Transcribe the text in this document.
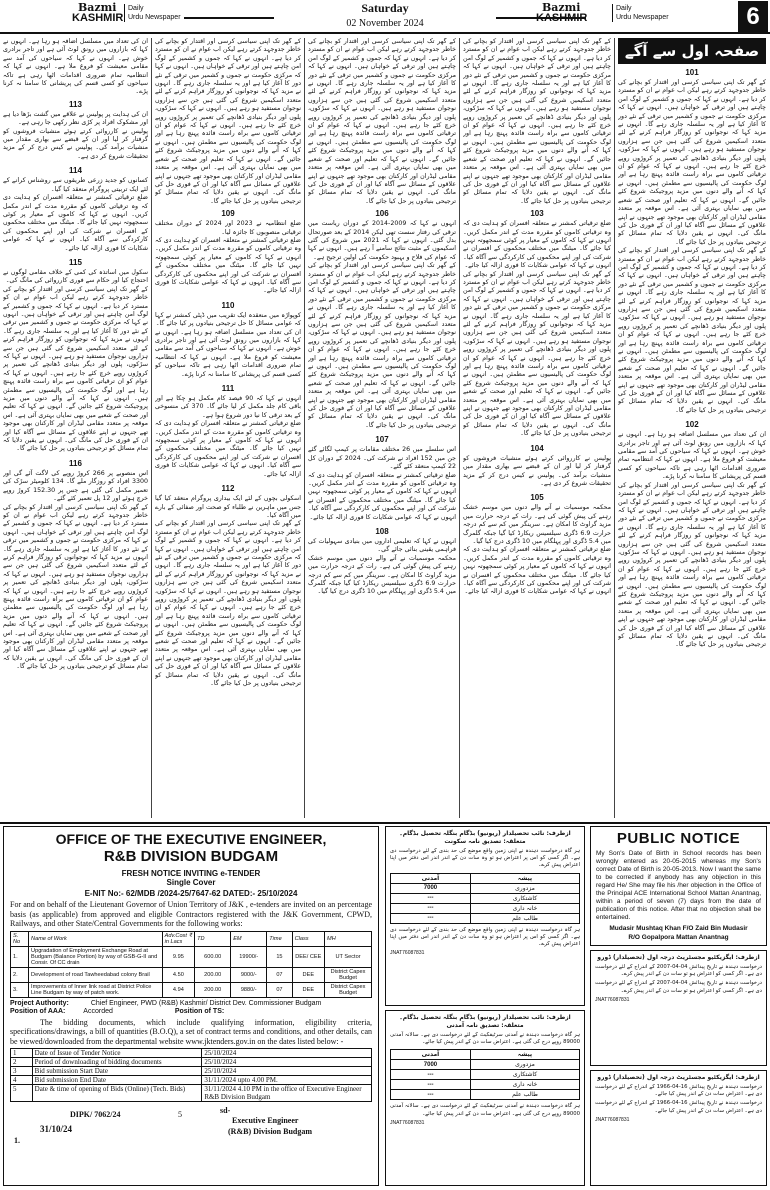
Bazmi
KASHMIR
Daily
Urdu Newspaper
Saturday
02 November 2024
Bazmi
KASHMIR
Daily
Urdu Newspaper	6
صفحہ اول سے آگے
101
کے گھر تک اپنی سیاسی کرسی اور اقتدار کو بچانے کی خاطر جدوجہد کرتے رہے لیکن اب عوام نے ان کو مسترد کر دیا ہے۔ انہوں نے کہا کہ جموں و کشمیر کے لوگ امن چاہتے ہیں اور ترقی کے خواہاں ہیں۔ انہوں نے کہا کہ مرکزی حکومت نے جموں و کشمیر میں ترقی کے نئے دور کا آغاز کیا ہے اور یہ سلسلہ جاری رہے گا۔ انہوں نے مزید کہا کہ نوجوانوں کو روزگار فراہم کرنے کے لئے متعدد اسکیمیں شروع کی گئی ہیں جن سے ہزاروں نوجوان مستفید ہو رہے ہیں۔ انہوں نے کہا کہ سڑکوں، پلوں اور دیگر بنیادی ڈھانچے کی تعمیر پر کروڑوں روپے خرچ کئے جا رہے ہیں۔ انہوں نے کہا کہ عوام کو ان ترقیاتی کاموں سے براہ راست فائدہ پہنچ رہا ہے اور لوگ حکومت کی پالیسیوں سے مطمئن ہیں۔ انہوں نے کہا کہ آنے والے دنوں میں مزید پروجیکٹ شروع کئے جائیں گے۔ انہوں نے کہا کہ تعلیم اور صحت کے شعبے میں بھی نمایاں بہتری آئی ہے۔ اس موقعہ پر متعدد مقامی لیڈران اور کارکنان بھی موجود تھے جنہوں نے اپنے علاقوں کے مسائل سے آگاہ کیا اور ان کے فوری حل کی مانگ کی۔ انہوں نے یقین دلایا کہ تمام مسائل کو ترجیحی بنیادوں پر حل کیا جائے گا۔
کے گھر تک اپنی سیاسی کرسی اور اقتدار کو بچانے کی خاطر جدوجہد کرتے رہے لیکن اب عوام نے ان کو مسترد کر دیا ہے۔ انہوں نے کہا کہ جموں و کشمیر کے لوگ امن چاہتے ہیں اور ترقی کے خواہاں ہیں۔ انہوں نے کہا کہ مرکزی حکومت نے جموں و کشمیر میں ترقی کے نئے دور کا آغاز کیا ہے اور یہ سلسلہ جاری رہے گا۔ انہوں نے مزید کہا کہ نوجوانوں کو روزگار فراہم کرنے کے لئے متعدد اسکیمیں شروع کی گئی ہیں جن سے ہزاروں نوجوان مستفید ہو رہے ہیں۔ انہوں نے کہا کہ سڑکوں، پلوں اور دیگر بنیادی ڈھانچے کی تعمیر پر کروڑوں روپے خرچ کئے جا رہے ہیں۔ انہوں نے کہا کہ عوام کو ان ترقیاتی کاموں سے براہ راست فائدہ پہنچ رہا ہے اور لوگ حکومت کی پالیسیوں سے مطمئن ہیں۔ انہوں نے کہا کہ آنے والے دنوں میں مزید پروجیکٹ شروع کئے جائیں گے۔ انہوں نے کہا کہ تعلیم اور صحت کے شعبے میں بھی نمایاں بہتری آئی ہے۔ اس موقعہ پر متعدد مقامی لیڈران اور کارکنان بھی موجود تھے جنہوں نے اپنے علاقوں کے مسائل سے آگاہ کیا اور ان کے فوری حل کی مانگ کی۔ انہوں نے یقین دلایا کہ تمام مسائل کو ترجیحی بنیادوں پر حل کیا جائے گا۔
102
ان کی تعداد میں مسلسل اضافہ ہو رہا ہے۔ انہوں نے کہا کہ بازاروں میں رونق لوٹ آئی ہے اور تاجر برادری خوش ہے۔ انہوں نے کہا کہ سیاحوں کی آمد سے مقامی معیشت کو فروغ ملا ہے۔ انہوں نے کہا کہ انتظامیہ تمام ضروری اقدامات اٹھا رہی ہے تاکہ سیاحوں کو کسی قسم کی پریشانی کا سامنا نہ کرنا پڑے۔
کے گھر تک اپنی سیاسی کرسی اور اقتدار کو بچانے کی خاطر جدوجہد کرتے رہے لیکن اب عوام نے ان کو مسترد کر دیا ہے۔ انہوں نے کہا کہ جموں و کشمیر کے لوگ امن چاہتے ہیں اور ترقی کے خواہاں ہیں۔ انہوں نے کہا کہ مرکزی حکومت نے جموں و کشمیر میں ترقی کے نئے دور کا آغاز کیا ہے اور یہ سلسلہ جاری رہے گا۔ انہوں نے مزید کہا کہ نوجوانوں کو روزگار فراہم کرنے کے لئے متعدد اسکیمیں شروع کی گئی ہیں جن سے ہزاروں نوجوان مستفید ہو رہے ہیں۔ انہوں نے کہا کہ سڑکوں، پلوں اور دیگر بنیادی ڈھانچے کی تعمیر پر کروڑوں روپے خرچ کئے جا رہے ہیں۔ انہوں نے کہا کہ عوام کو ان ترقیاتی کاموں سے براہ راست فائدہ پہنچ رہا ہے اور لوگ حکومت کی پالیسیوں سے مطمئن ہیں۔ انہوں نے کہا کہ آنے والے دنوں میں مزید پروجیکٹ شروع کئے جائیں گے۔ انہوں نے کہا کہ تعلیم اور صحت کے شعبے میں بھی نمایاں بہتری آئی ہے۔ اس موقعہ پر متعدد مقامی لیڈران اور کارکنان بھی موجود تھے جنہوں نے اپنے علاقوں کے مسائل سے آگاہ کیا اور ان کے فوری حل کی مانگ کی۔ انہوں نے یقین دلایا کہ تمام مسائل کو ترجیحی بنیادوں پر حل کیا جائے گا۔
کے گھر تک اپنی سیاسی کرسی اور اقتدار کو بچانے کی خاطر جدوجہد کرتے رہے لیکن اب عوام نے ان کو مسترد کر دیا ہے۔ انہوں نے کہا کہ جموں و کشمیر کے لوگ امن چاہتے ہیں اور ترقی کے خواہاں ہیں۔ انہوں نے کہا کہ مرکزی حکومت نے جموں و کشمیر میں ترقی کے نئے دور کا آغاز کیا ہے اور یہ سلسلہ جاری رہے گا۔ انہوں نے مزید کہا کہ نوجوانوں کو روزگار فراہم کرنے کے لئے متعدد اسکیمیں شروع کی گئی ہیں جن سے ہزاروں نوجوان مستفید ہو رہے ہیں۔ انہوں نے کہا کہ سڑکوں، پلوں اور دیگر بنیادی ڈھانچے کی تعمیر پر کروڑوں روپے خرچ کئے جا رہے ہیں۔ انہوں نے کہا کہ عوام کو ان ترقیاتی کاموں سے براہ راست فائدہ پہنچ رہا ہے اور لوگ حکومت کی پالیسیوں سے مطمئن ہیں۔ انہوں نے کہا کہ آنے والے دنوں میں مزید پروجیکٹ شروع کئے جائیں گے۔ انہوں نے کہا کہ تعلیم اور صحت کے شعبے میں بھی نمایاں بہتری آئی ہے۔ اس موقعہ پر متعدد مقامی لیڈران اور کارکنان بھی موجود تھے جنہوں نے اپنے علاقوں کے مسائل سے آگاہ کیا اور ان کے فوری حل کی مانگ کی۔ انہوں نے یقین دلایا کہ تمام مسائل کو ترجیحی بنیادوں پر حل کیا جائے گا۔
103
ضلع ترقیاتی کمشنر نے متعلقہ افسران کو ہدایت دی کہ وہ ترقیاتی کاموں کو مقررہ مدت کے اندر مکمل کریں۔ انہوں نے کہا کہ کاموں کے معیار پر کوئی سمجھوتہ نہیں کیا جائے گا۔ میٹنگ میں مختلف محکموں کے افسران نے شرکت کی اور اپنے محکموں کی کارکردگی سے آگاہ کیا۔ انہوں نے کہا کہ عوامی شکایات کا فوری ازالہ کیا جائے۔
کے گھر تک اپنی سیاسی کرسی اور اقتدار کو بچانے کی خاطر جدوجہد کرتے رہے لیکن اب عوام نے ان کو مسترد کر دیا ہے۔ انہوں نے کہا کہ جموں و کشمیر کے لوگ امن چاہتے ہیں اور ترقی کے خواہاں ہیں۔ انہوں نے کہا کہ مرکزی حکومت نے جموں و کشمیر میں ترقی کے نئے دور کا آغاز کیا ہے اور یہ سلسلہ جاری رہے گا۔ انہوں نے مزید کہا کہ نوجوانوں کو روزگار فراہم کرنے کے لئے متعدد اسکیمیں شروع کی گئی ہیں جن سے ہزاروں نوجوان مستفید ہو رہے ہیں۔ انہوں نے کہا کہ سڑکوں، پلوں اور دیگر بنیادی ڈھانچے کی تعمیر پر کروڑوں روپے خرچ کئے جا رہے ہیں۔ انہوں نے کہا کہ عوام کو ان ترقیاتی کاموں سے براہ راست فائدہ پہنچ رہا ہے اور لوگ حکومت کی پالیسیوں سے مطمئن ہیں۔ انہوں نے کہا کہ آنے والے دنوں میں مزید پروجیکٹ شروع کئے جائیں گے۔ انہوں نے کہا کہ تعلیم اور صحت کے شعبے میں بھی نمایاں بہتری آئی ہے۔ اس موقعہ پر متعدد مقامی لیڈران اور کارکنان بھی موجود تھے جنہوں نے اپنے علاقوں کے مسائل سے آگاہ کیا اور ان کے فوری حل کی مانگ کی۔ انہوں نے یقین دلایا کہ تمام مسائل کو ترجیحی بنیادوں پر حل کیا جائے گا۔
104
پولیس نے کارروائی کرتے ہوئے منشیات فروشوں کو گرفتار کر لیا اور ان کے قبضے سے بھاری مقدار میں منشیات برآمد کی۔ پولیس نے کیس درج کر کے مزید تحقیقات شروع کر دی ہے۔
105
محکمہ موسمیات نے آنے والے دنوں میں موسم خشک رہنے کی پیش گوئی کی ہے۔ رات کے درجہ حرارت میں مزید گراوٹ کا امکان ہے۔ سرینگر میں کم سے کم درجہ حرارت 6.9 ڈگری سیلسیس ریکارڈ کیا گیا جبکہ گلمرگ میں 5.4 ڈگری اور پہلگام میں 10 ڈگری درج کیا گیا۔
ضلع ترقیاتی کمشنر نے متعلقہ افسران کو ہدایت دی کہ وہ ترقیاتی کاموں کو مقررہ مدت کے اندر مکمل کریں۔ انہوں نے کہا کہ کاموں کے معیار پر کوئی سمجھوتہ نہیں کیا جائے گا۔ میٹنگ میں مختلف محکموں کے افسران نے شرکت کی اور اپنے محکموں کی کارکردگی سے آگاہ کیا۔ انہوں نے کہا کہ عوامی شکایات کا فوری ازالہ کیا جائے۔
کے گھر تک اپنی سیاسی کرسی اور اقتدار کو بچانے کی خاطر جدوجہد کرتے رہے لیکن اب عوام نے ان کو مسترد کر دیا ہے۔ انہوں نے کہا کہ جموں و کشمیر کے لوگ امن چاہتے ہیں اور ترقی کے خواہاں ہیں۔ انہوں نے کہا کہ مرکزی حکومت نے جموں و کشمیر میں ترقی کے نئے دور کا آغاز کیا ہے اور یہ سلسلہ جاری رہے گا۔ انہوں نے مزید کہا کہ نوجوانوں کو روزگار فراہم کرنے کے لئے متعدد اسکیمیں شروع کی گئی ہیں جن سے ہزاروں نوجوان مستفید ہو رہے ہیں۔ انہوں نے کہا کہ سڑکوں، پلوں اور دیگر بنیادی ڈھانچے کی تعمیر پر کروڑوں روپے خرچ کئے جا رہے ہیں۔ انہوں نے کہا کہ عوام کو ان ترقیاتی کاموں سے براہ راست فائدہ پہنچ رہا ہے اور لوگ حکومت کی پالیسیوں سے مطمئن ہیں۔ انہوں نے کہا کہ آنے والے دنوں میں مزید پروجیکٹ شروع کئے جائیں گے۔ انہوں نے کہا کہ تعلیم اور صحت کے شعبے میں بھی نمایاں بہتری آئی ہے۔ اس موقعہ پر متعدد مقامی لیڈران اور کارکنان بھی موجود تھے جنہوں نے اپنے علاقوں کے مسائل سے آگاہ کیا اور ان کے فوری حل کی مانگ کی۔ انہوں نے یقین دلایا کہ تمام مسائل کو ترجیحی بنیادوں پر حل کیا جائے گا۔
106
انہوں نے کہا کہ 2009-2014 کے دوران ریاست میں ترقی کی رفتار سست تھی لیکن 2014 کے بعد صورتحال بدل گئی۔ انہوں نے کہا کہ 2021 میں شروع کی گئی اسکیموں کے مثبت نتائج سامنے آ رہے ہیں۔ انہوں نے کہا کہ عوام کی فلاح و بہبود حکومت کی اولین ترجیح ہے۔
کے گھر تک اپنی سیاسی کرسی اور اقتدار کو بچانے کی خاطر جدوجہد کرتے رہے لیکن اب عوام نے ان کو مسترد کر دیا ہے۔ انہوں نے کہا کہ جموں و کشمیر کے لوگ امن چاہتے ہیں اور ترقی کے خواہاں ہیں۔ انہوں نے کہا کہ مرکزی حکومت نے جموں و کشمیر میں ترقی کے نئے دور کا آغاز کیا ہے اور یہ سلسلہ جاری رہے گا۔ انہوں نے مزید کہا کہ نوجوانوں کو روزگار فراہم کرنے کے لئے متعدد اسکیمیں شروع کی گئی ہیں جن سے ہزاروں نوجوان مستفید ہو رہے ہیں۔ انہوں نے کہا کہ سڑکوں، پلوں اور دیگر بنیادی ڈھانچے کی تعمیر پر کروڑوں روپے خرچ کئے جا رہے ہیں۔ انہوں نے کہا کہ عوام کو ان ترقیاتی کاموں سے براہ راست فائدہ پہنچ رہا ہے اور لوگ حکومت کی پالیسیوں سے مطمئن ہیں۔ انہوں نے کہا کہ آنے والے دنوں میں مزید پروجیکٹ شروع کئے جائیں گے۔ انہوں نے کہا کہ تعلیم اور صحت کے شعبے میں بھی نمایاں بہتری آئی ہے۔ اس موقعہ پر متعدد مقامی لیڈران اور کارکنان بھی موجود تھے جنہوں نے اپنے علاقوں کے مسائل سے آگاہ کیا اور ان کے فوری حل کی مانگ کی۔ انہوں نے یقین دلایا کہ تمام مسائل کو ترجیحی بنیادوں پر حل کیا جائے گا۔
107
اس سلسلے میں 26 مختلف مقامات پر کیمپ لگائے گئے جن میں 152 افراد نے شرکت کی۔ 2024 کے دوران کل 22 کیمپ منعقد کئے گئے۔
ضلع ترقیاتی کمشنر نے متعلقہ افسران کو ہدایت دی کہ وہ ترقیاتی کاموں کو مقررہ مدت کے اندر مکمل کریں۔ انہوں نے کہا کہ کاموں کے معیار پر کوئی سمجھوتہ نہیں کیا جائے گا۔ میٹنگ میں مختلف محکموں کے افسران نے شرکت کی اور اپنے محکموں کی کارکردگی سے آگاہ کیا۔ انہوں نے کہا کہ عوامی شکایات کا فوری ازالہ کیا جائے۔
108
انہوں نے کہا کہ تعلیمی اداروں میں بنیادی سہولیات کی فراہمی یقینی بنائی جائے گی۔
محکمہ موسمیات نے آنے والے دنوں میں موسم خشک رہنے کی پیش گوئی کی ہے۔ رات کے درجہ حرارت میں مزید گراوٹ کا امکان ہے۔ سرینگر میں کم سے کم درجہ حرارت 6.9 ڈگری سیلسیس ریکارڈ کیا گیا جبکہ گلمرگ میں 5.4 ڈگری اور پہلگام میں 10 ڈگری درج کیا گیا۔
کے گھر تک اپنی سیاسی کرسی اور اقتدار کو بچانے کی خاطر جدوجہد کرتے رہے لیکن اب عوام نے ان کو مسترد کر دیا ہے۔ انہوں نے کہا کہ جموں و کشمیر کے لوگ امن چاہتے ہیں اور ترقی کے خواہاں ہیں۔ انہوں نے کہا کہ مرکزی حکومت نے جموں و کشمیر میں ترقی کے نئے دور کا آغاز کیا ہے اور یہ سلسلہ جاری رہے گا۔ انہوں نے مزید کہا کہ نوجوانوں کو روزگار فراہم کرنے کے لئے متعدد اسکیمیں شروع کی گئی ہیں جن سے ہزاروں نوجوان مستفید ہو رہے ہیں۔ انہوں نے کہا کہ سڑکوں، پلوں اور دیگر بنیادی ڈھانچے کی تعمیر پر کروڑوں روپے خرچ کئے جا رہے ہیں۔ انہوں نے کہا کہ عوام کو ان ترقیاتی کاموں سے براہ راست فائدہ پہنچ رہا ہے اور لوگ حکومت کی پالیسیوں سے مطمئن ہیں۔ انہوں نے کہا کہ آنے والے دنوں میں مزید پروجیکٹ شروع کئے جائیں گے۔ انہوں نے کہا کہ تعلیم اور صحت کے شعبے میں بھی نمایاں بہتری آئی ہے۔ اس موقعہ پر متعدد مقامی لیڈران اور کارکنان بھی موجود تھے جنہوں نے اپنے علاقوں کے مسائل سے آگاہ کیا اور ان کے فوری حل کی مانگ کی۔ انہوں نے یقین دلایا کہ تمام مسائل کو ترجیحی بنیادوں پر حل کیا جائے گا۔
109
ضلع انتظامیہ نے 2023 اور 2024 کے دوران مختلف ترقیاتی منصوبوں کا جائزہ لیا۔
ضلع ترقیاتی کمشنر نے متعلقہ افسران کو ہدایت دی کہ وہ ترقیاتی کاموں کو مقررہ مدت کے اندر مکمل کریں۔ انہوں نے کہا کہ کاموں کے معیار پر کوئی سمجھوتہ نہیں کیا جائے گا۔ میٹنگ میں مختلف محکموں کے افسران نے شرکت کی اور اپنے محکموں کی کارکردگی سے آگاہ کیا۔ انہوں نے کہا کہ عوامی شکایات کا فوری ازالہ کیا جائے۔
110
کوپواڑہ میں منعقدہ ایک تقریب میں ڈپٹی کمشنر نے کہا کہ عوامی مسائل کا حل ترجیحی بنیادوں پر کیا جائے گا۔
ان کی تعداد میں مسلسل اضافہ ہو رہا ہے۔ انہوں نے کہا کہ بازاروں میں رونق لوٹ آئی ہے اور تاجر برادری خوش ہے۔ انہوں نے کہا کہ سیاحوں کی آمد سے مقامی معیشت کو فروغ ملا ہے۔ انہوں نے کہا کہ انتظامیہ تمام ضروری اقدامات اٹھا رہی ہے تاکہ سیاحوں کو کسی قسم کی پریشانی کا سامنا نہ کرنا پڑے۔
111
انہوں نے کہا کہ 90 فیصد کام مکمل ہو چکا ہے اور باقی کام جلد مکمل کر لیا جائے گا۔ 370 کی منسوخی کے بعد ترقی کا نیا دور شروع ہوا ہے۔
ضلع ترقیاتی کمشنر نے متعلقہ افسران کو ہدایت دی کہ وہ ترقیاتی کاموں کو مقررہ مدت کے اندر مکمل کریں۔ انہوں نے کہا کہ کاموں کے معیار پر کوئی سمجھوتہ نہیں کیا جائے گا۔ میٹنگ میں مختلف محکموں کے افسران نے شرکت کی اور اپنے محکموں کی کارکردگی سے آگاہ کیا۔ انہوں نے کہا کہ عوامی شکایات کا فوری ازالہ کیا جائے۔
112
اسکولی بچوں کے لئے ایک بیداری پروگرام منعقد کیا گیا جس میں ماہرین نے طلباء کو صحت اور صفائی کے بارے میں آگاہ کیا۔
کے گھر تک اپنی سیاسی کرسی اور اقتدار کو بچانے کی خاطر جدوجہد کرتے رہے لیکن اب عوام نے ان کو مسترد کر دیا ہے۔ انہوں نے کہا کہ جموں و کشمیر کے لوگ امن چاہتے ہیں اور ترقی کے خواہاں ہیں۔ انہوں نے کہا کہ مرکزی حکومت نے جموں و کشمیر میں ترقی کے نئے دور کا آغاز کیا ہے اور یہ سلسلہ جاری رہے گا۔ انہوں نے مزید کہا کہ نوجوانوں کو روزگار فراہم کرنے کے لئے متعدد اسکیمیں شروع کی گئی ہیں جن سے ہزاروں نوجوان مستفید ہو رہے ہیں۔ انہوں نے کہا کہ سڑکوں، پلوں اور دیگر بنیادی ڈھانچے کی تعمیر پر کروڑوں روپے خرچ کئے جا رہے ہیں۔ انہوں نے کہا کہ عوام کو ان ترقیاتی کاموں سے براہ راست فائدہ پہنچ رہا ہے اور لوگ حکومت کی پالیسیوں سے مطمئن ہیں۔ انہوں نے کہا کہ آنے والے دنوں میں مزید پروجیکٹ شروع کئے جائیں گے۔ انہوں نے کہا کہ تعلیم اور صحت کے شعبے میں بھی نمایاں بہتری آئی ہے۔ اس موقعہ پر متعدد مقامی لیڈران اور کارکنان بھی موجود تھے جنہوں نے اپنے علاقوں کے مسائل سے آگاہ کیا اور ان کے فوری حل کی مانگ کی۔ انہوں نے یقین دلایا کہ تمام مسائل کو ترجیحی بنیادوں پر حل کیا جائے گا۔
ان کی تعداد میں مسلسل اضافہ ہو رہا ہے۔ انہوں نے کہا کہ بازاروں میں رونق لوٹ آئی ہے اور تاجر برادری خوش ہے۔ انہوں نے کہا کہ سیاحوں کی آمد سے مقامی معیشت کو فروغ ملا ہے۔ انہوں نے کہا کہ انتظامیہ تمام ضروری اقدامات اٹھا رہی ہے تاکہ سیاحوں کو کسی قسم کی پریشانی کا سامنا نہ کرنا پڑے۔
113
ان کی ہدایت پر پولیس نے علاقے میں گشت بڑھا دیا ہے اور مشکوک افراد پر کڑی نظر رکھی جا رہی ہے۔
پولیس نے کارروائی کرتے ہوئے منشیات فروشوں کو گرفتار کر لیا اور ان کے قبضے سے بھاری مقدار میں منشیات برآمد کی۔ پولیس نے کیس درج کر کے مزید تحقیقات شروع کر دی ہے۔
114
کسانوں کو جدید زرعی طریقوں سے روشناس کرانے کے لئے ایک تربیتی پروگرام منعقد کیا گیا۔
ضلع ترقیاتی کمشنر نے متعلقہ افسران کو ہدایت دی کہ وہ ترقیاتی کاموں کو مقررہ مدت کے اندر مکمل کریں۔ انہوں نے کہا کہ کاموں کے معیار پر کوئی سمجھوتہ نہیں کیا جائے گا۔ میٹنگ میں مختلف محکموں کے افسران نے شرکت کی اور اپنے محکموں کی کارکردگی سے آگاہ کیا۔ انہوں نے کہا کہ عوامی شکایات کا فوری ازالہ کیا جائے۔
115
سکول میں اساتذہ کی کمی کے خلاف مقامی لوگوں نے احتجاج کیا اور حکام سے فوری کارروائی کی مانگ کی۔
کے گھر تک اپنی سیاسی کرسی اور اقتدار کو بچانے کی خاطر جدوجہد کرتے رہے لیکن اب عوام نے ان کو مسترد کر دیا ہے۔ انہوں نے کہا کہ جموں و کشمیر کے لوگ امن چاہتے ہیں اور ترقی کے خواہاں ہیں۔ انہوں نے کہا کہ مرکزی حکومت نے جموں و کشمیر میں ترقی کے نئے دور کا آغاز کیا ہے اور یہ سلسلہ جاری رہے گا۔ انہوں نے مزید کہا کہ نوجوانوں کو روزگار فراہم کرنے کے لئے متعدد اسکیمیں شروع کی گئی ہیں جن سے ہزاروں نوجوان مستفید ہو رہے ہیں۔ انہوں نے کہا کہ سڑکوں، پلوں اور دیگر بنیادی ڈھانچے کی تعمیر پر کروڑوں روپے خرچ کئے جا رہے ہیں۔ انہوں نے کہا کہ عوام کو ان ترقیاتی کاموں سے براہ راست فائدہ پہنچ رہا ہے اور لوگ حکومت کی پالیسیوں سے مطمئن ہیں۔ انہوں نے کہا کہ آنے والے دنوں میں مزید پروجیکٹ شروع کئے جائیں گے۔ انہوں نے کہا کہ تعلیم اور صحت کے شعبے میں بھی نمایاں بہتری آئی ہے۔ اس موقعہ پر متعدد مقامی لیڈران اور کارکنان بھی موجود تھے جنہوں نے اپنے علاقوں کے مسائل سے آگاہ کیا اور ان کے فوری حل کی مانگ کی۔ انہوں نے یقین دلایا کہ تمام مسائل کو ترجیحی بنیادوں پر حل کیا جائے گا۔
116
اس منصوبے پر 266 کروڑ روپے کی لاگت آئے گی اور 3300 افراد کو روزگار ملے گا۔ 134 کلومیٹر سڑک کی تعمیر مکمل کی گئی ہے جس پر 152.30 کروڑ روپے خرچ ہوئے اور 12 پل تعمیر کئے گئے۔
کے گھر تک اپنی سیاسی کرسی اور اقتدار کو بچانے کی خاطر جدوجہد کرتے رہے لیکن اب عوام نے ان کو مسترد کر دیا ہے۔ انہوں نے کہا کہ جموں و کشمیر کے لوگ امن چاہتے ہیں اور ترقی کے خواہاں ہیں۔ انہوں نے کہا کہ مرکزی حکومت نے جموں و کشمیر میں ترقی کے نئے دور کا آغاز کیا ہے اور یہ سلسلہ جاری رہے گا۔ انہوں نے مزید کہا کہ نوجوانوں کو روزگار فراہم کرنے کے لئے متعدد اسکیمیں شروع کی گئی ہیں جن سے ہزاروں نوجوان مستفید ہو رہے ہیں۔ انہوں نے کہا کہ سڑکوں، پلوں اور دیگر بنیادی ڈھانچے کی تعمیر پر کروڑوں روپے خرچ کئے جا رہے ہیں۔ انہوں نے کہا کہ عوام کو ان ترقیاتی کاموں سے براہ راست فائدہ پہنچ رہا ہے اور لوگ حکومت کی پالیسیوں سے مطمئن ہیں۔ انہوں نے کہا کہ آنے والے دنوں میں مزید پروجیکٹ شروع کئے جائیں گے۔ انہوں نے کہا کہ تعلیم اور صحت کے شعبے میں بھی نمایاں بہتری آئی ہے۔ اس موقعہ پر متعدد مقامی لیڈران اور کارکنان بھی موجود تھے جنہوں نے اپنے علاقوں کے مسائل سے آگاہ کیا اور ان کے فوری حل کی مانگ کی۔ انہوں نے یقین دلایا کہ تمام مسائل کو ترجیحی بنیادوں پر حل کیا جائے گا۔
OFFICE OF THE EXECUTIVE ENGINEER,
R&B DIVISION BUDGAM
FRESH NOTICE INVITING e-TENDER
Single Cover
E-NIT No:- 62/MDB /2024-25/7647-62 DATED:- 25/10/2024
For and on behalf of the Lieutenant Governor of Union Territory of J&K , e-tenders are invited on an percentage basis (as applicable) from approved and eligible Contractors registered with the J&K Government, CPWD, Railways, and other State/Central Governments for the following works:
S. No	Name of Work	Adv.Cost ₹ in Lacs	TD	EM	Time	Class	MH
1.	Upgradation of Employment Exchange Road at Budgam (Balance Portion) by way of GSB-G-II and Consir. Of CC drain	9.95	600.00	19900/-	15	DEE/ CEE	UT Sector
2.	Development of road Tawheedabad colony Brail	4.50	200.00	9000/-	07	DEE	District Capex Budget
3.	Improvements of Inner link road at District Police Line Budgam by way of patch work.	4.94	200.00	9880/-	07	DEE	District Capex Budget
Project Authority:	Chief Engineer, PWD (R&B) Kashmir/ District Dev. Commissioner Budgam
Position of AAA:	Accorded	Position of TS:
The bidding documents, which include qualifying information, eligibility criteria, specifications/drawings, a bill of quantities (B.O.Q), a set of contract terms and conditions, and other details, can be viewed/downloaded from the departmental website www.jktenders.gov.in on the dates listed below: -
1	Date of Issue of Tender Notice	25/10/2024
2	Period of downloading of bidding documents	25/10/2024
3	Bid submission Start Date	25/10/2024
4	Bid submission End Date	31/11/2024 upto 4.00 PM.
5	Date & time of opening of Bids (Online) (Tech. Bids)	31/11/2024 4.10 PM in the office of Executive Engineer R&B Division Budgam
DIPK/ 7062/24	5	sd-
Executive Engineer
(R&B) Division Budgam
31/10/24
1.
ازطرف: نائب تحصیلدار (ریونیو) بڈگام بنگلہ تحصیل بڈگام۔ متعلقہ: تصدیق نامہ سکونت
ہر گاہ درخواست دہندہ نے اپنی زمین واقع موضع کی حد بندی کے لئے درخواست دی ہے۔ اگر کسی کو اس پر اعتراض ہو تو وہ سات دن کے اندر اندر اس دفتر میں اپنا اعتراض پیش کرے۔
پیشہ	آمدنی
مزدوری	7000
کاشتکاری	---
خانہ داری	---
طالب علم	---
ہر گاہ درخواست دہندہ نے اپنی زمین واقع موضع کی حد بندی کے لئے درخواست دی ہے۔ اگر کسی کو اس پر اعتراض ہو تو وہ سات دن کے اندر اندر اس دفتر میں اپنا اعتراض پیش کرے۔
JNAT76087831
ازطرف: نائب تحصیلدار (ریونیو) بڈگام بنگلہ تحصیل بڈگام۔ متعلقہ: تصدیق نامہ آمدنی
ہر گاہ درخواست دہندہ نے آمدنی سرٹیفکیٹ کے لئے درخواست دی ہے۔ سالانہ آمدنی 89000 روپے درج کی گئی ہے۔ اعتراض سات دن کے اندر پیش کیا جائے۔
پیشہ	آمدنی
مزدوری	7000
کاشتکاری	---
خانہ داری	---
طالب علم	---
ہر گاہ درخواست دہندہ نے آمدنی سرٹیفکیٹ کے لئے درخواست دی ہے۔ سالانہ آمدنی 89000 روپے درج کی گئی ہے۔ اعتراض سات دن کے اندر پیش کیا جائے۔
JNAT76087831
PUBLIC NOTICE
My Son's Date of Birth in School records has been wrongly entered as 20-05-2015 whereas my Son's correct Date of Birth is 20-05-2013. Now I want the same to be corrected if anybody has any objection in this regard He/ She may file his /her objection in the Office of the Principal ACE International School Mattan Anantnag, within a period of seven (7) days from the date of publication of this notice. After that no objection shall be entertained.
Mudasir Mushtaq Khan F/O Zaid Bin Mudasir
R/O Gopalpora Mattan Anantnag
ازطرف: ایگزیکٹیو مجسٹریٹ درجہ اول (تحصیلدار) ڈورو
درخواست دہندہ نے تاریخ پیدائش 04-04-2007 کے اندراج کے لئے درخواست دی ہے۔ اگر کسی کو اعتراض ہو تو سات دن کے اندر پیش کرے۔
درخواست دہندہ نے تاریخ پیدائش 04-04-2007 کے اندراج کے لئے درخواست دی ہے۔ اگر کسی کو اعتراض ہو تو سات دن کے اندر پیش کرے۔
JNAT76087831
ازطرف: ایگزیکٹیو مجسٹریٹ درجہ اول (تحصیلدار) ڈورو
درخواست دہندہ نے تاریخ پیدائش 16-04-1966 کے اندراج کے لئے درخواست دی ہے۔ اعتراض سات دن کے اندر پیش کیا جائے۔
درخواست دہندہ نے تاریخ پیدائش 16-04-1966 کے اندراج کے لئے درخواست دی ہے۔ اعتراض سات دن کے اندر پیش کیا جائے۔
JNAT76087831
